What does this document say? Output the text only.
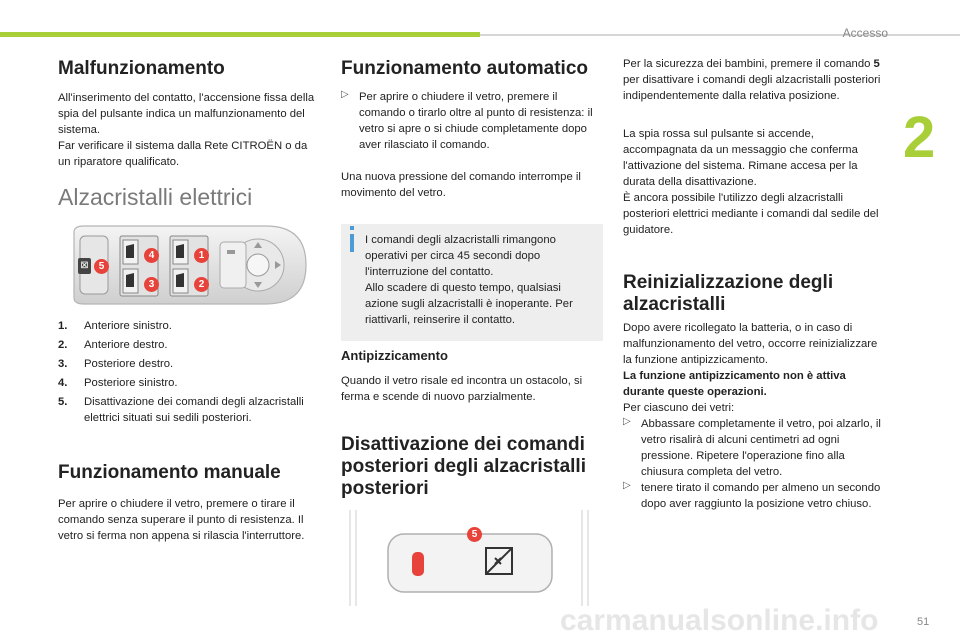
Accesso
2
51
Malfunzionamento

All'inserimento del contatto, l'accensione fissa della spia del pulsante indica un malfunzionamento del sistema.

Far verificare il sistema dalla Rete CITROËN o da un riparatore qualificato.

Alzacristalli elettrici
⊠	5
4
3
1
2
1.	Anteriore sinistro.
2.	Anteriore destro.
3.	Posteriore destro.
4.	Posteriore sinistro.
5.	Disattivazione dei comandi degli alzacristalli elettrici situati sui sedili posteriori.
Funzionamento manuale

Per aprire o chiudere il vetro, premere o tirare il comando senza superare il punto di resistenza. Il vetro si ferma non appena si rilascia l'interruttore.

Funzionamento automatico
▷ Per aprire o chiudere il vetro, premere il comando o tirarlo oltre al punto di resistenza: il vetro si apre o si chiude completamente dopo aver rilasciato il comando.

Una nuova pressione del comando interrompe il movimento del vetro.

I comandi degli alzacristalli rimangono operativi per circa 45 secondi dopo l'interruzione del contatto.

Allo scadere di questo tempo, qualsiasi azione sugli alzacristalli è inoperante. Per riattivarli, reinserire il contatto.

Antipizzicamento

Quando il vetro risale ed incontra un ostacolo, si ferma e scende di nuovo parzialmente.

Disattivazione dei comandi posteriori degli alzacristalli posteriori
5

Per la sicurezza dei bambini, premere il comando 5 per disattivare i comandi degli alzacristalli posteriori indipendentemente dalla relativa posizione.

La spia rossa sul pulsante si accende, accompagnata da un messaggio che conferma l'attivazione del sistema. Rimane accesa per la durata della disattivazione.

È ancora possibile l'utilizzo degli alzacristalli posteriori elettrici mediante i comandi dal sedile del guidatore.

Reinizializzazione degli alzacristalli

Dopo avere ricollegato la batteria, o in caso di malfunzionamento del vetro, occorre reinizializzare la funzione antipizzicamento.

La funzione antipizzicamento non è attiva durante queste operazioni.

Per ciascuno dei vetri:

▷ Abbassare completamente il vetro, poi alzarlo, il vetro risalirà di alcuni centimetri ad ogni pressione. Ripetere l'operazione fino alla chiusura completa del vetro.

▷ tenere tirato il comando per almeno un secondo dopo aver raggiunto la posizione vetro chiuso.

carmanualsonline.info
